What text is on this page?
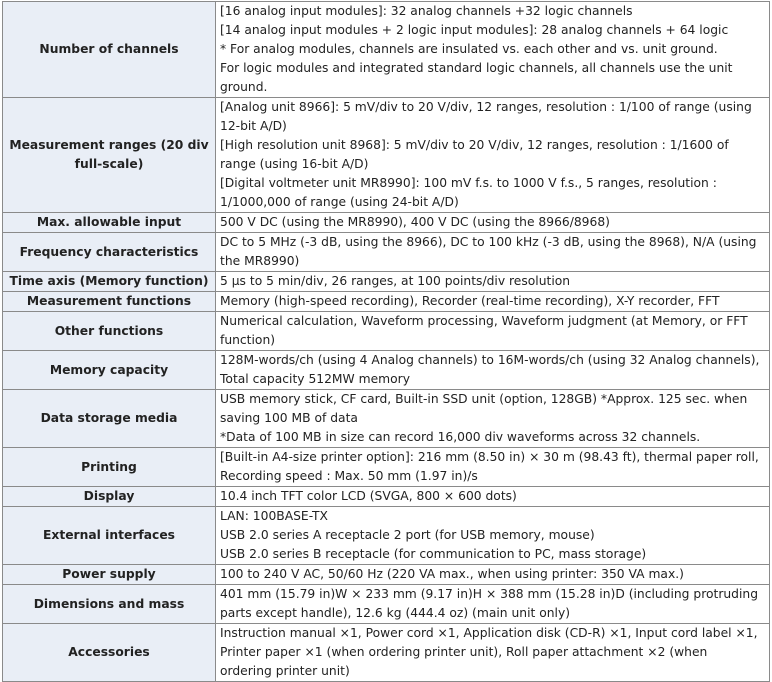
Number of channels	[16 analog input modules]: 32 analog channels +32 logic channels
[14 analog input modules + 2 logic input modules]: 28 analog channels + 64 logic
* For analog modules, channels are insulated vs. each other and vs. unit ground.
For logic modules and integrated standard logic channels, all channels use the unit ground.

Measurement ranges (20 div full-scale)	[Analog unit 8966]: 5 mV/div to 20 V/div, 12 ranges, resolution : 1/100 of range (using 12-bit A/D)
[High resolution unit 8968]: 5 mV/div to 20 V/div, 12 ranges, resolution : 1/1600 of range (using 16-bit A/D)
[Digital voltmeter unit MR8990]: 100 mV f.s. to 1000 V f.s., 5 ranges, resolution : 1/1000,000 of range (using 24-bit A/D)

Max. allowable input	500 V DC (using the MR8990), 400 V DC (using the 8966/8968)

Frequency characteristics	DC to 5 MHz (-3 dB, using the 8966), DC to 100 kHz (-3 dB, using the 8968), N/A (using the MR8990)

Time axis (Memory function)	5 μs to 5 min/div, 26 ranges, at 100 points/div resolution

Measurement functions	Memory (high-speed recording), Recorder (real-time recording), X-Y recorder, FFT

Other functions	Numerical calculation, Waveform processing, Waveform judgment (at Memory, or FFT function)

Memory capacity	128M-words/ch (using 4 Analog channels) to 16M-words/ch (using 32 Analog channels),
Total capacity 512MW memory

Data storage media	USB memory stick, CF card, Built-in SSD unit (option, 128GB) *Approx. 125 sec. when saving 100 MB of data
*Data of 100 MB in size can record 16,000 div waveforms across 32 channels.

Printing	[Built-in A4-size printer option]: 216 mm (8.50 in) × 30 m (98.43 ft), thermal paper roll,
Recording speed : Max. 50 mm (1.97 in)/s

Display	10.4 inch TFT color LCD (SVGA, 800 × 600 dots)

External interfaces	LAN: 100BASE-TX
USB 2.0 series A receptacle 2 port (for USB memory, mouse)
USB 2.0 series B receptacle (for communication to PC, mass storage)

Power supply	100 to 240 V AC, 50/60 Hz (220 VA max., when using printer: 350 VA max.)

Dimensions and mass	401 mm (15.79 in)W × 233 mm (9.17 in)H × 388 mm (15.28 in)D (including protruding parts except handle), 12.6 kg (444.4 oz) (main unit only)

Accessories	Instruction manual ×1, Power cord ×1, Application disk (CD-R) ×1, Input cord label ×1, Printer paper ×1 (when ordering printer unit), Roll paper attachment ×2 (when ordering printer unit)
